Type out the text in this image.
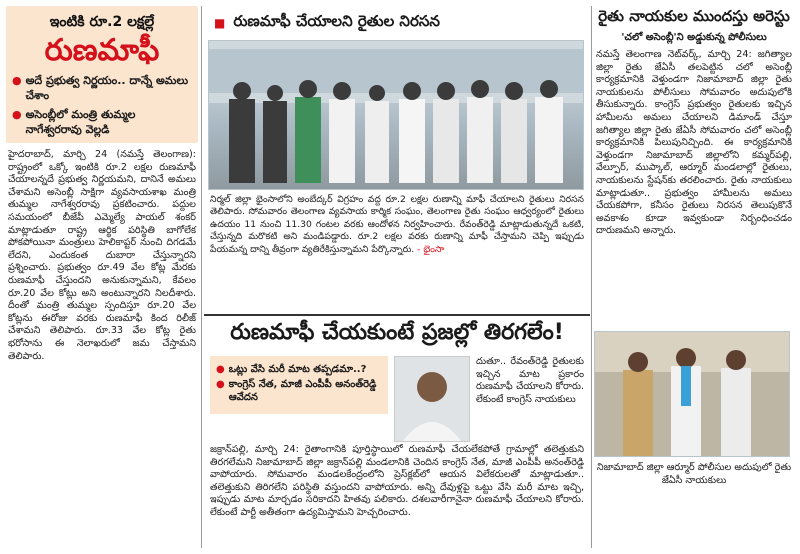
ఇంటికి రూ.2 లక్షల్లే
రుణమాఫీ
● అదే ప్రభుత్వ నిర్ణయం.. దాన్నే అమలు చేశాం
● అసెంబ్లీలో మంత్రి తుమ్మల నాగేశ్వరరావు వెల్లడి

హైదరాబాద్, మార్చి 24 (నమస్తే తెలంగాణ): రాష్ట్రంలో ఒక్కో ఇంటికి రూ.2 లక్షల రుణమాఫీ చేయాలన్నదే ప్రభుత్వ నిర్ణయమని, దానినే అమలు చేశామని అసెంబ్లీ సాక్షిగా వ్యవసాయశాఖ మంత్రి తుమ్మల నాగేశ్వరరావు ప్రకటించారు. పద్దుల సమయంలో బీజేపీ ఎమ్మెల్యే పాయల్ శంకర్ మాట్లాడుతూ రాష్ట్ర ఆర్థిక పరిస్థితి బాగోలేక పోకపోయినా మంత్రులు హెలికాప్టర్ నుంచి దిగడమే లేదని, ఎందుకంత దుబారా చేస్తున్నారని ప్రశ్నించారు. ప్రభుత్వం రూ.49 వేల కోట్ల మేరకు రుణమాఫీ చేస్తుందని అనుకున్నామని, కేవలం రూ.20 వేల కోట్లు అని అంటున్నారని నిలదీశారు. దీంతో మంత్రి తుమ్మల స్పందిస్తూ రూ.20 వేల కోట్లను ఈరోజు వరకు రుణమాఫీ కింద రిలీజ్ చేశామని తెలిపారు. రూ.33 వేల కోట్ల రైతు భరోసాను ఈ నెలాఖరులో జమ చేస్తామని తెలిపారు.

■ రుణమాఫీ చేయాలని రైతుల నిరసన
నిర్మల్ జిల్లా భైంసాలోని అంబేద్కర్ విగ్రహం వద్ద రూ.2 లక్షల రుణాన్ని మాఫీ చేయాలని రైతులు నిరసన తెలిపారు. సోమవారం తెలంగాణ వ్యవసాయ కార్మిక సంఘం, తెలంగాణ రైతు సంఘం ఆధ్వర్యంలో రైతులు ఉదయం 11 నుంచి 11.30 గంటల వరకు ఆందోళన నిర్వహించారు. రేవంత్‌రెడ్డి మాట్లాడుతున్నదే ఒకటి, చేస్తున్నది మరొకటి అని మండిపడ్డారు. రూ.2 లక్షల వరకు రుణాన్ని మాఫీ చేస్తామని చెప్పి ఇప్పుడు పేయమన్న దాన్ని తీవ్రంగా వ్యతిరేకిస్తున్నామని పేర్కొన్నారు. - భైంసా
రుణమాఫీ చేయకుంటే ప్రజల్లో తిరగలేం!
● ఒట్లు వేసి మరీ మాట తప్పడమా..?
● కాంగ్రెస్ నేత, మాజీ ఎంపీపీ అనంత్‌రెడ్డి ఆవేదన
దుతూ.. రేవంత్‌రెడ్డి రైతులకు ఇచ్చిన మాట ప్రకారం రుణమాఫీ చేయాలని కోరారు. లేకుంటే కాంగ్రెస్ నాయకులు
జక్రాన్‌పల్లి, మార్చి 24: రైతాంగానికి పూర్తిస్థాయిలో రుణమాఫీ చేయలేకపోతే గ్రామాల్లో తలెత్తుకుని తిరగలేమని నిజామాబాద్ జిల్లా జక్రాన్‌పల్లి మండలానికి చెందిన కాంగ్రెస్ నేత, మాజీ ఎంపీపీ అనంత్‌రెడ్డి వాపోయారు. సోమవారం మండలకేంద్రంలోని ప్రెస్‌క్లబ్‌లో ఆయన విలేకరులతో మాట్లాడుతూ.. తలెత్తుకుని తిరిగలేని పరిస్థితి వస్తుందని వాపోయారు. అన్ని దేవుళ్లపై ఒట్టు వేసి మరీ మాట ఇచ్చి, ఇప్పుడు మాట మార్చడం సరికాదని హితవు పలికారు. దశలవారీగానైనా రుణమాఫీ చేయాలని కోరారు. లేకుంటే పార్టీ అతీతంగా ఉద్యమిస్తామని హెచ్చరించారు.
రైతు నాయకుల ముందస్తు అరెస్టు
'చలో అసెంబ్లీ'ని అడ్డుకున్న పోలీసులు
నమస్తే తెలంగాణ నెట్‌వర్క్, మార్చి 24: జగిత్యాల జిల్లా రైతు జేఏసీ తలపెట్టిన చలో అసెంబ్లీ కార్యక్రమానికి వెళ్తుండగా నిజామాబాద్ జిల్లా రైతు నాయకులను పోలీసులు సోమవారం అదుపులోకి తీసుకున్నారు. కాంగ్రెస్ ప్రభుత్వం రైతులకు ఇచ్చిన హామీలను అమలు చేయాలని డిమాండ్ చేస్తూ జగిత్యాల జిల్లా రైతు జేఏసీ సోమవారం చలో అసెంబ్లీ కార్యక్రమానికి పిలుపునిచ్చింది. ఈ కార్యక్రమానికి వెళ్తుండగా నిజామాబాద్ జిల్లాలోని కమ్మర్‌పల్లి, వేల్పూర్, ముప్కాల్, ఆర్మూర్ మండలాల్లో రైతులు, నాయకులను స్టేషన్‌కు తరలించారు. రైతు నాయకులు మాట్లాడుతూ.. ప్రభుత్వం హామీలను అమలు చేయకపోగా, కనీసం రైతులు నిరసన తెలుపుకొనే అవకాశం కూడా ఇవ్వకుండా నిర్బంధించడం దారుణమని అన్నారు.
నిజామాబాద్ జిల్లా ఆర్మూర్ పోలీసుల అదుపులో రైతు జేఏసీ నాయకులు
